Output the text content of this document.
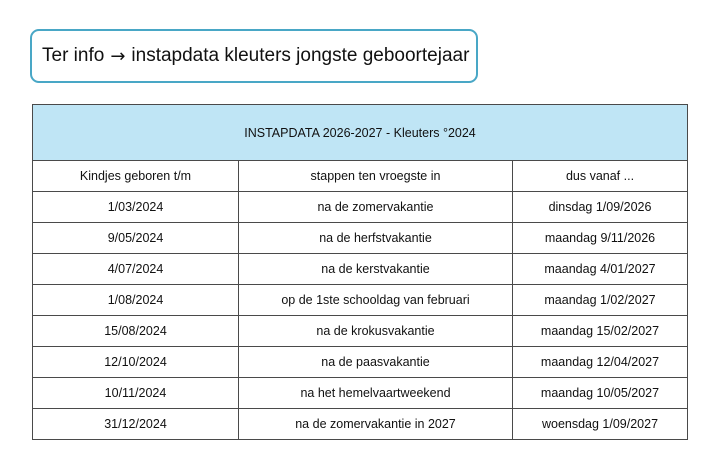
Ter info → instapdata kleuters jongste geboortejaar
INSTAPDATA 2026-2027 - Kleuters °2024		
Kindjes geboren t/m	stappen ten vroegste in	dus vanaf ...
1/03/2024	na de zomervakantie	dinsdag 1/09/2026
9/05/2024	na de herfstvakantie	maandag 9/11/2026
4/07/2024	na de kerstvakantie	maandag 4/01/2027
1/08/2024	op de 1ste schooldag van februari	maandag 1/02/2027
15/08/2024	na de krokusvakantie	maandag 15/02/2027
12/10/2024	na de paasvakantie	maandag 12/04/2027
10/11/2024	na het hemelvaartweekend	maandag 10/05/2027
31/12/2024	na de zomervakantie in 2027	woensdag 1/09/2027
